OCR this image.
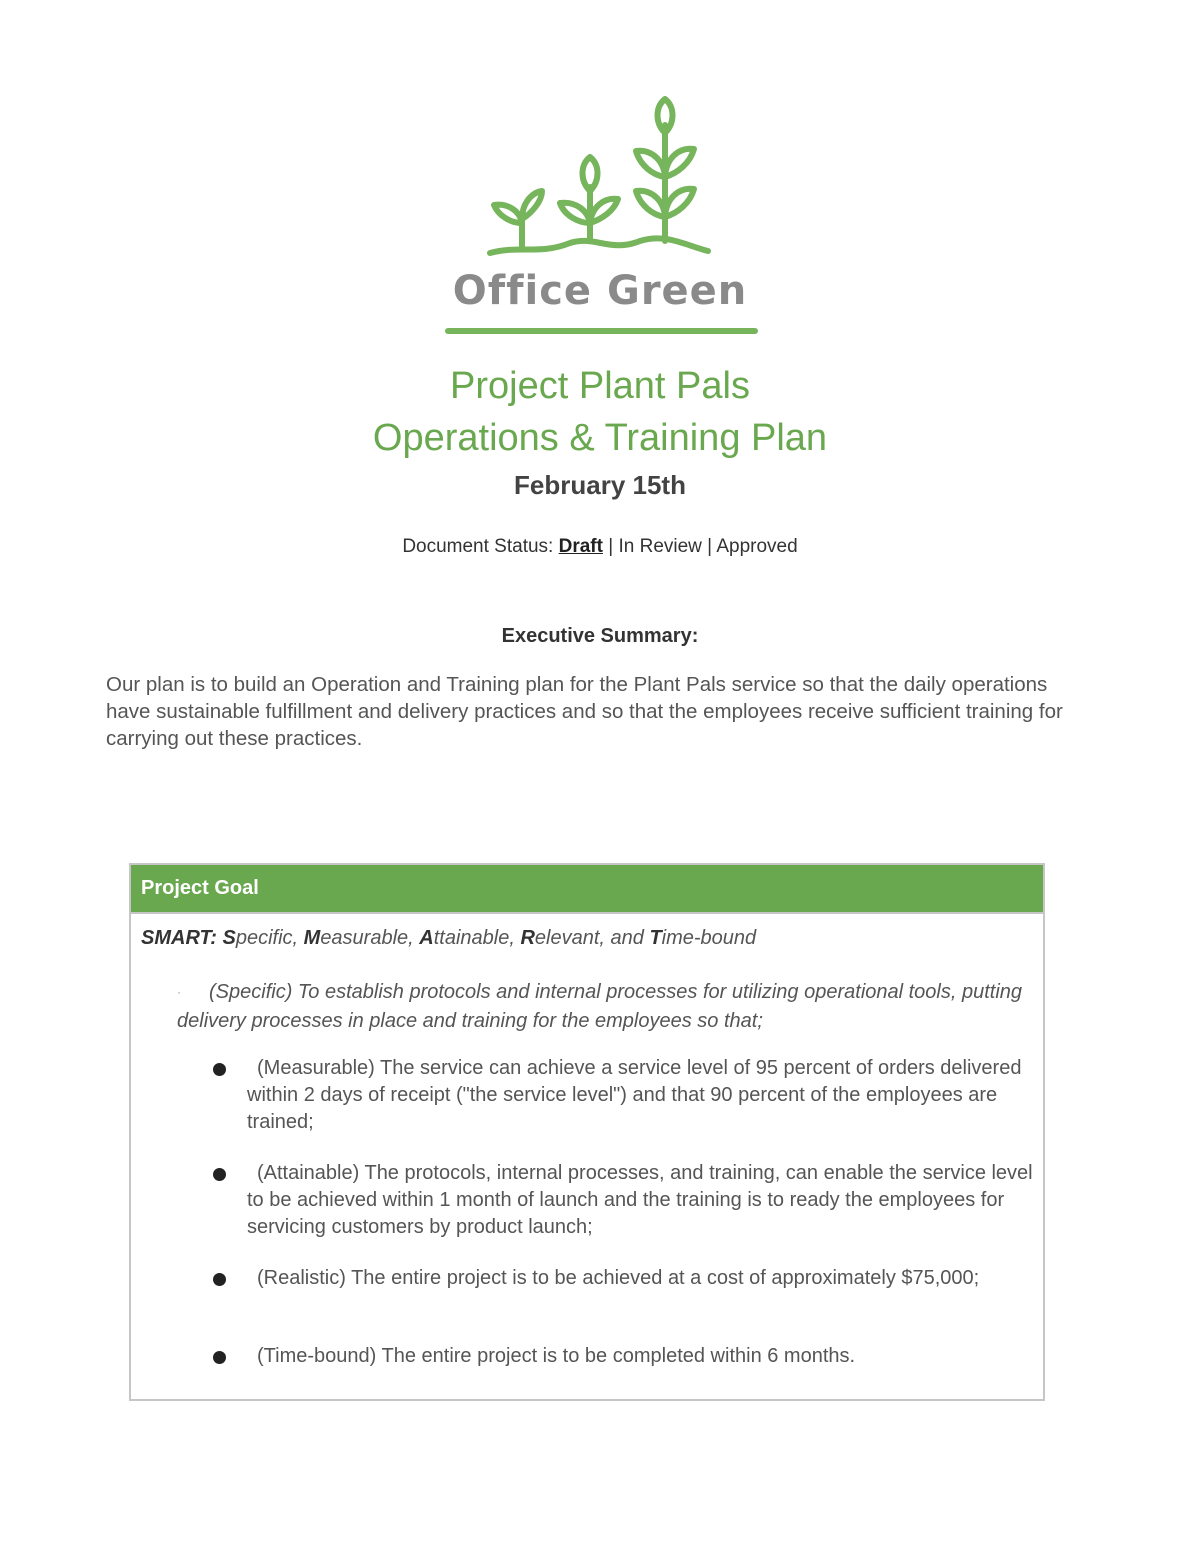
Office Green
Project Plant Pals
Operations & Training Plan
February 15th
Document Status: Draft | In Review | Approved
Executive Summary:
Our plan is to build an Operation and Training plan for the Plant Pals service so that the daily operations have sustainable fulfillment and delivery practices and so that the employees receive sufficient training for carrying out these practices.
Project Goal
SMART: Specific, Measurable, Attainable, Relevant, and Time-bound
· (Specific) To establish protocols and internal processes for utilizing operational tools, putting delivery processes in place and training for the employees so that;
(Measurable) The service can achieve a service level of 95 percent of orders delivered within 2 days of receipt ("the service level") and that 90 percent of the employees are trained;
(Attainable) The protocols, internal processes, and training, can enable the service level to be achieved within 1 month of launch and the training is to ready the employees for servicing customers by product launch;
(Realistic) The entire project is to be achieved at a cost of approximately $75,000;
(Time-bound) The entire project is to be completed within 6 months.
